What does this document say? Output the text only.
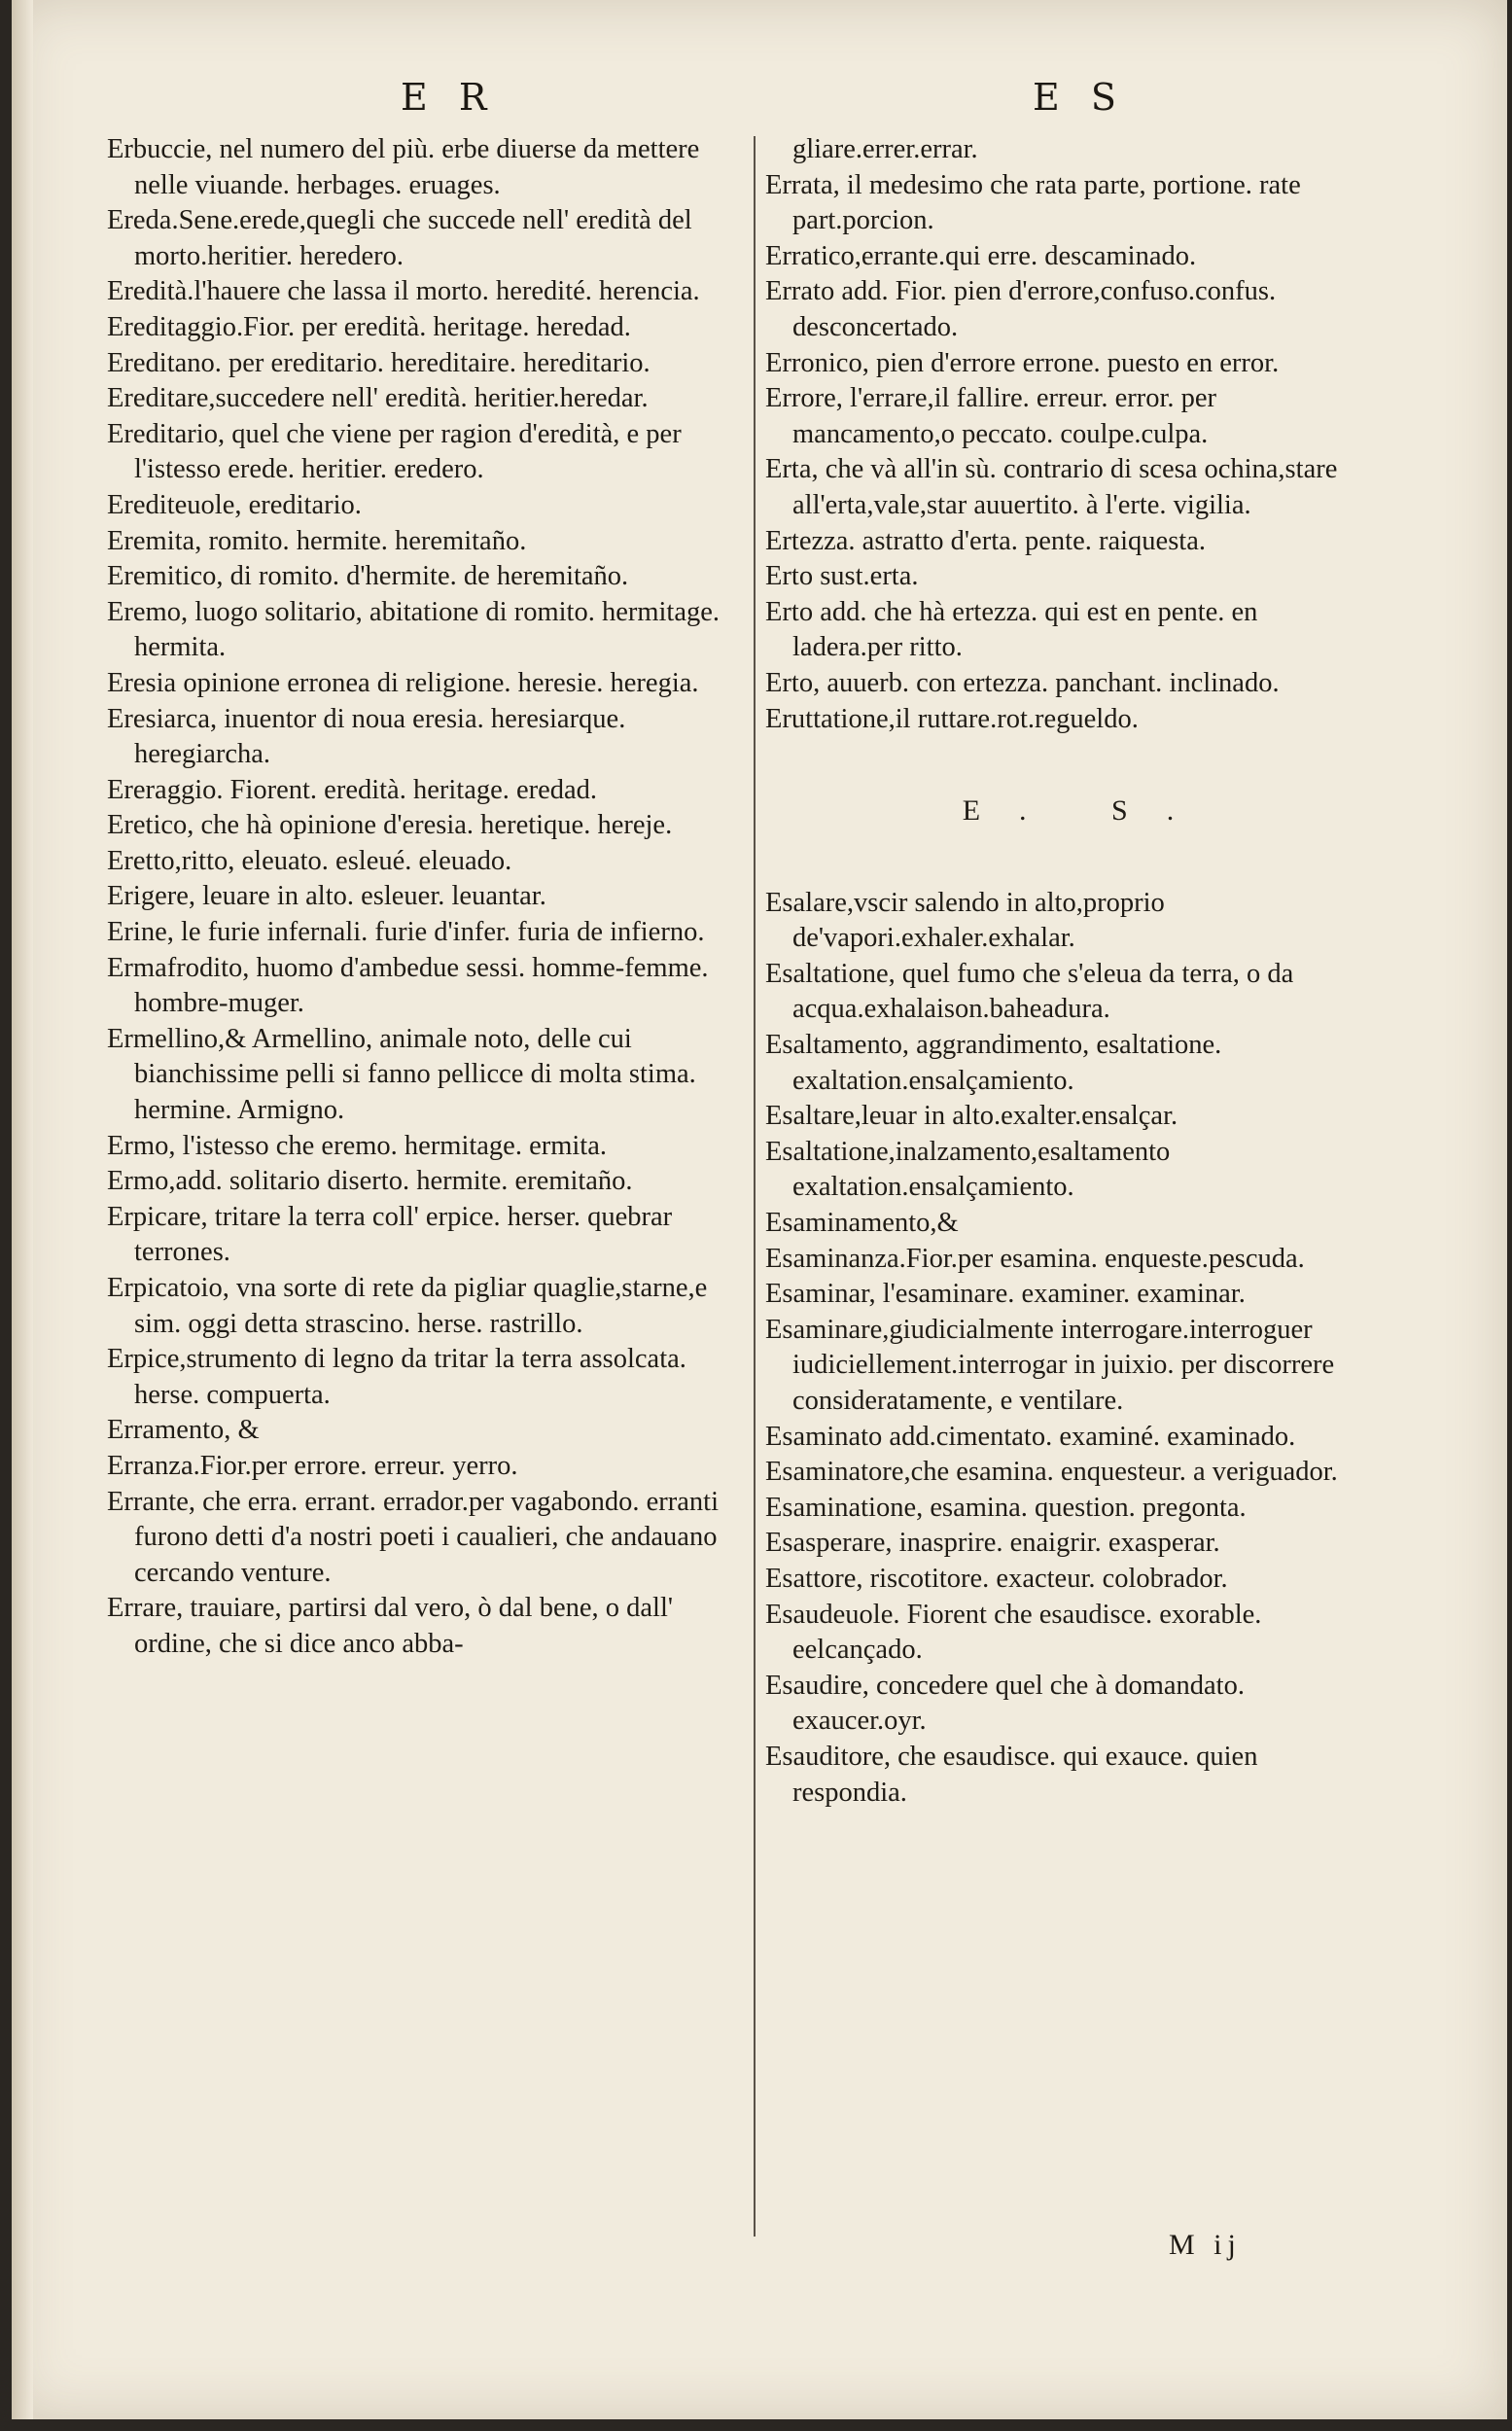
E R	E S

Erbuccie, nel numero del più. erbe diuerse da mettere nelle viuande. herbages. eruages.

Ereda.Sene.erede,quegli che succede nell' eredità del morto.heritier. heredero.

Eredità.l'hauere che lassa il morto. heredité. herencia.

Ereditaggio.Fior. per eredità. heritage. heredad.

Ereditano. per ereditario. hereditaire. hereditario.

Ereditare,succedere nell' eredità. heritier.heredar.

Ereditario, quel che viene per ragion d'eredità, e per l'istesso erede. heritier. eredero.

Erediteuole, ereditario.

Eremita, romito. hermite. heremitaño.

Eremitico, di romito. d'hermite. de heremitaño.

Eremo, luogo solitario, abitatione di romito. hermitage. hermita.

Eresia opinione erronea di religione. heresie. heregia.

Eresiarca, inuentor di noua eresia. heresiarque. heregiarcha.

Ereraggio. Fiorent. eredità. heritage. eredad.

Eretico, che hà opinione d'eresia. heretique. hereje.

Eretto,ritto, eleuato. esleué. eleuado.

Erigere, leuare in alto. esleuer. leuantar.

Erine, le furie infernali. furie d'infer. furia de infierno.

Ermafrodito, huomo d'ambedue sessi. homme-femme. hombre-muger.

Ermellino,& Armellino, animale noto, delle cui bianchissime pelli si fanno pellicce di molta stima. hermine. Armigno.

Ermo, l'istesso che eremo. hermitage. ermita.

Ermo,add. solitario diserto. hermite. eremitaño.

Erpicare, tritare la terra coll' erpice. herser. quebrar terrones.

Erpicatoio, vna sorte di rete da pigliar quaglie,starne,e sim. oggi detta strascino. herse. rastrillo.

Erpice,strumento di legno da tritar la terra assolcata. herse. compuerta.

Erramento, &

Erranza.Fior.per errore. erreur. yerro.

Errante, che erra. errant. errador.per vagabondo. erranti furono detti d'a nostri poeti i caualieri, che andauano cercando venture.

Errare, trauiare, partirsi dal vero, ò dal bene, o dall' ordine, che si dice anco abba-

gliare.errer.errar.

Errata, il medesimo che rata parte, portione. rate part.porcion.

Erratico,errante.qui erre. descaminado.

Errato add. Fior. pien d'errore,confuso.confus. desconcertado.

Erronico, pien d'errore errone. puesto en error.

Errore, l'errare,il fallire. erreur. error. per mancamento,o peccato. coulpe.culpa.

Erta, che và all'in sù. contrario di scesa ochina,stare all'erta,vale,star auuertito. à l'erte. vigilia.

Ertezza. astratto d'erta. pente. raiquesta.

Erto sust.erta.

Erto add. che hà ertezza. qui est en pente. en ladera.per ritto.

Erto, auuerb. con ertezza. panchant. inclinado.

Eruttatione,il ruttare.rot.regueldo.

E. S.

Esalare,vscir salendo in alto,proprio de'vapori.exhaler.exhalar.

Esaltatione, quel fumo che s'eleua da terra, o da acqua.exhalaison.baheadura.

Esaltamento, aggrandimento, esaltatione. exaltation.ensalçamiento.

Esaltare,leuar in alto.exalter.ensalçar.

Esaltatione,inalzamento,esaltamento exaltation.ensalçamiento.

Esaminamento,&

Esaminanza.Fior.per esamina. enqueste.pescuda.

Esaminar, l'esaminare. examiner. examinar.

Esaminare,giudicialmente interrogare.interroguer iudiciellement.interrogar in juixio. per discorrere consideratamente, e ventilare.

Esaminato add.cimentato. examiné. examinado.

Esaminatore,che esamina. enquesteur. a veriguador.

Esaminatione, esamina. question. pregonta.

Esasperare, inasprire. enaigrir. exasperar.

Esattore, riscotitore. exacteur. colobrador.

Esaudeuole. Fiorent che esaudisce. exorable. eelcançado.

Esaudire, concedere quel che à domandato. exaucer.oyr.

Esauditore, che esaudisce. qui exauce. quien respondia.

M ij
